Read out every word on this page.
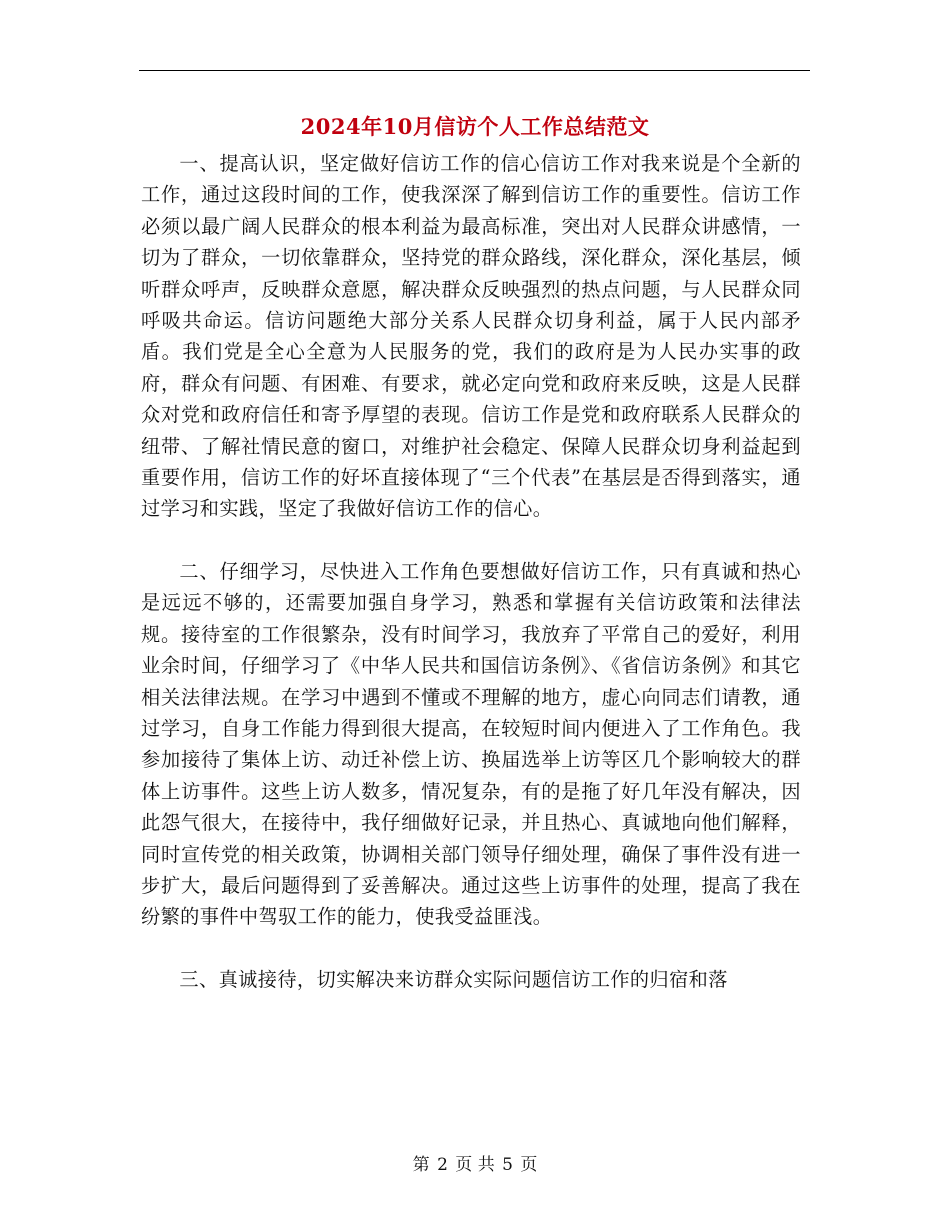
2024年10月信访个人工作总结范文

一、提高认识，坚定做好信访工作的信心信访工作对我来说是个全新的工作，通过这段时间的工作，使我深深了解到信访工作的重要性。信访工作必须以最广阔人民群众的根本利益为最高标准，突出对人民群众讲感情，一切为了群众，一切依靠群众，坚持党的群众路线，深化群众，深化基层，倾听群众呼声，反映群众意愿，解决群众反映强烈的热点问题，与人民群众同呼吸共命运。信访问题绝大部分关系人民群众切身利益，属于人民内部矛盾。我们党是全心全意为人民服务的党，我们的政府是为人民办实事的政府，群众有问题、有困难、有要求，就必定向党和政府来反映，这是人民群众对党和政府信任和寄予厚望的表现。信访工作是党和政府联系人民群众的纽带、了解社情民意的窗口，对维护社会稳定、保障人民群众切身利益起到重要作用，信访工作的好坏直接体现了“三个代表”在基层是否得到落实，通过学习和实践，坚定了我做好信访工作的信心。

二、仔细学习，尽快进入工作角色要想做好信访工作，只有真诚和热心是远远不够的，还需要加强自身学习，熟悉和掌握有关信访政策和法律法规。接待室的工作很繁杂，没有时间学习，我放弃了平常自己的爱好，利用业余时间，仔细学习了《中华人民共和国信访条例》、《省信访条例》和其它相关法律法规。在学习中遇到不懂或不理解的地方，虚心向同志们请教，通过学习，自身工作能力得到很大提高，在较短时间内便进入了工作角色。我参加接待了集体上访、动迁补偿上访、换届选举上访等区几个影响较大的群体上访事件。这些上访人数多，情况复杂，有的是拖了好几年没有解决，因此怨气很大，在接待中，我仔细做好记录，并且热心、真诚地向他们解释，同时宣传党的相关政策，协调相关部门领导仔细处理，确保了事件没有进一步扩大，最后问题得到了妥善解决。通过这些上访事件的处理，提高了我在纷繁的事件中驾驭工作的能力，使我受益匪浅。

三、真诚接待，切实解决来访群众实际问题信访工作的归宿和落

第 2 页 共 5 页
